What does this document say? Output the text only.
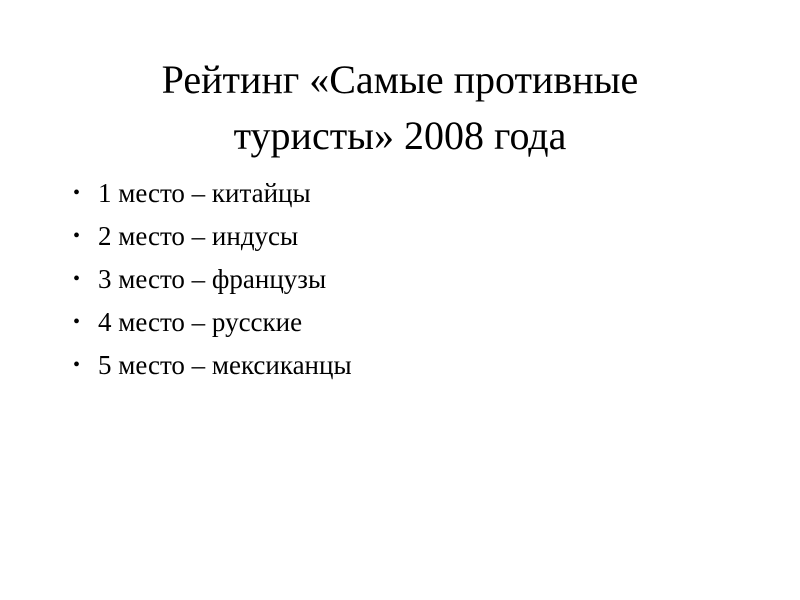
Рейтинг «Самые противные
туристы» 2008 года
• 1 место – китайцы
• 2 место – индусы
• 3 место – французы
• 4 место – русские
• 5 место – мексиканцы
